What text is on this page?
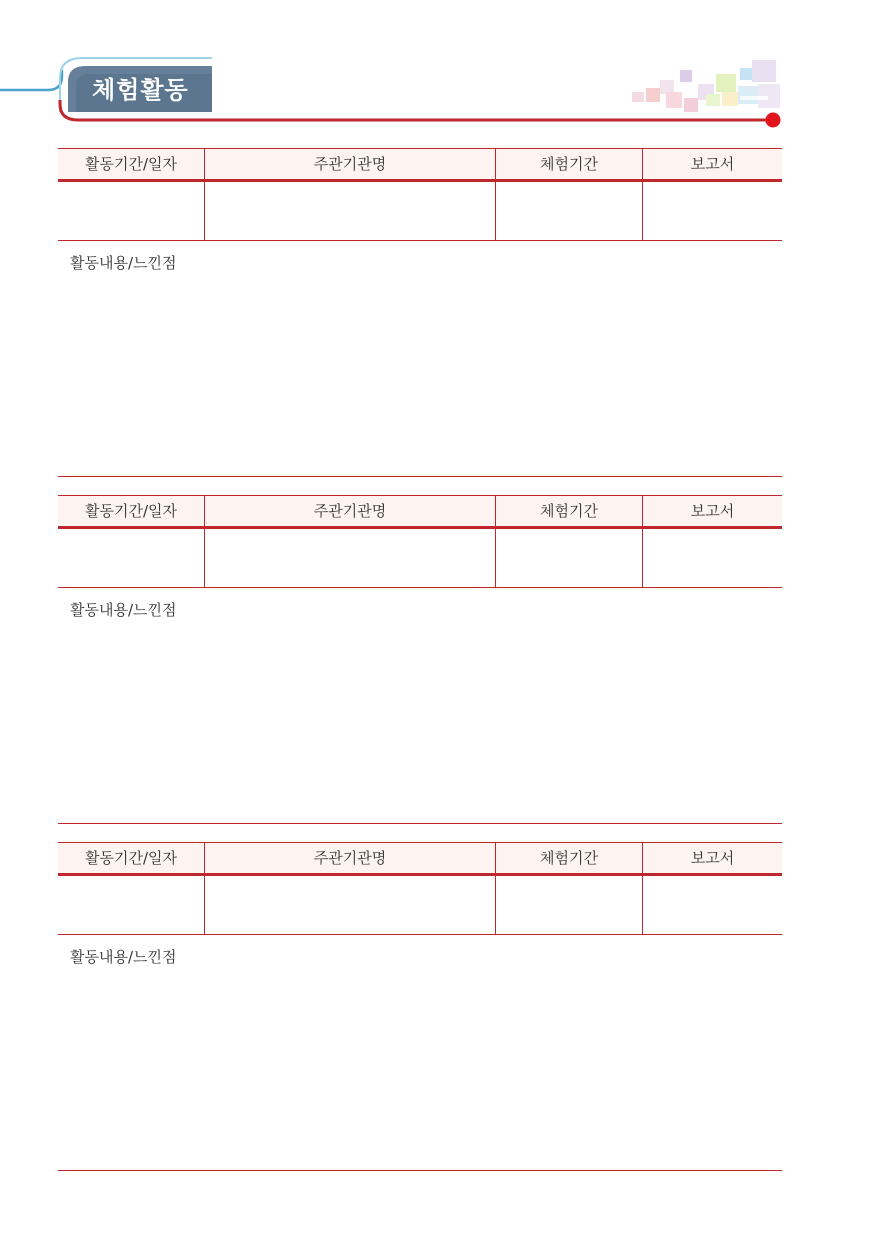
체험활동
활동기간/일자	주관기관명	체험기간	보고서
활동내용/느낀점
활동기간/일자	주관기관명	체험기간	보고서
활동내용/느낀점
활동기간/일자	주관기관명	체험기간	보고서
활동내용/느낀점
